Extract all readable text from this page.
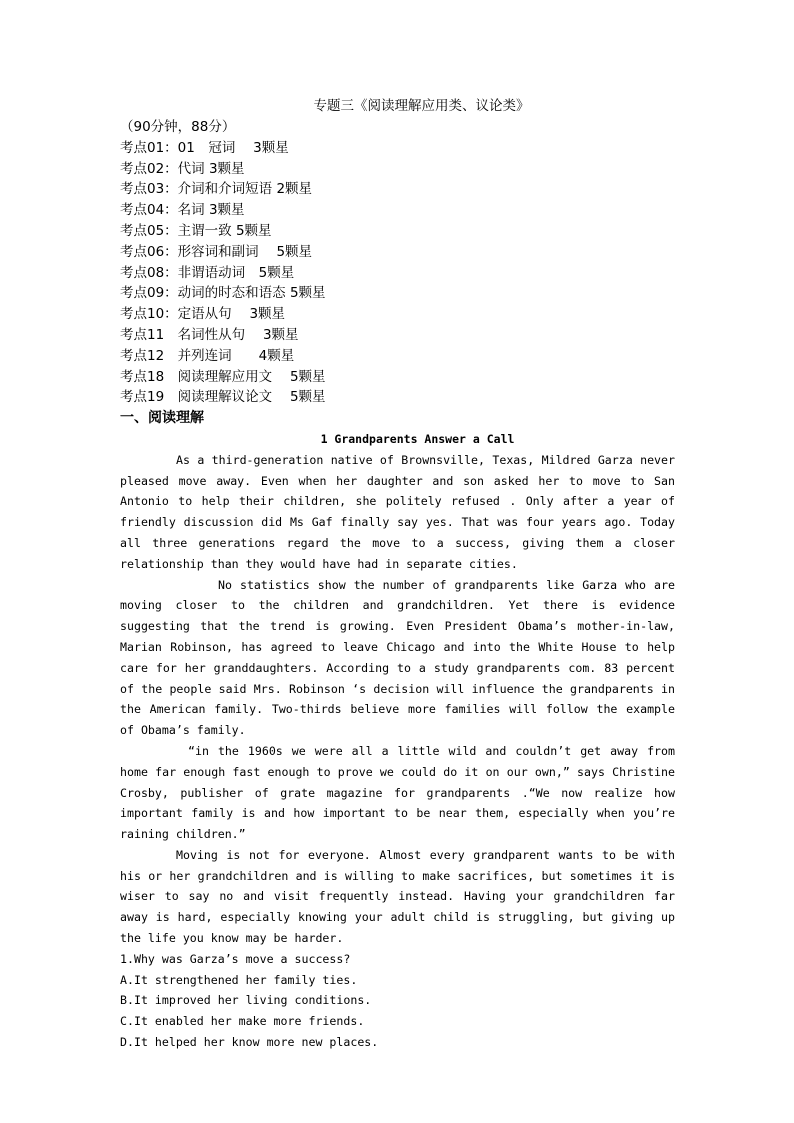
专题三《阅读理解应用类、议论类》
（90分钟，88分）
考点01：01　冠词　 3颗星
考点02：代词 3颗星
考点03：介词和介词短语 2颗星
考点04：名词 3颗星
考点05：主谓一致 5颗星
考点06：形容词和副词　 5颗星
考点08：非谓语动词　5颗星
考点09：动词的时态和语态 5颗星
考点10：定语从句　 3颗星
考点11　名词性从句　 3颗星
考点12　并列连词　　4颗星
考点18　阅读理解应用文　 5颗星
考点19　阅读理解议论文　 5颗星
一、阅读理解
1 Grandparents Answer a Call

As a third-generation native of Brownsville, Texas, Mildred Garza never pleased move away. Even when her daughter and son asked her to move to San Antonio to help their children, she politely refused . Only after a year of friendly discussion did Ms Gaf finally say yes. That was four years ago. Today all three generations regard the move to a success, giving them a closer relationship than they would have had in separate cities.

No statistics show the number of grandparents like Garza who are moving closer to the children and grandchildren. Yet there is evidence suggesting that the trend is growing. Even President Obama’s mother-in-law, Marian Robinson, has agreed to leave Chicago and into the White House to help care for her granddaughters. According to a study grandparents com. 83 percent of the people said Mrs. Robinson ‘s decision will influence the grandparents in the American family. Two-thirds believe more families will follow the example of Obama’s family.

“in the 1960s we were all a little wild and couldn’t get away from home far enough fast enough to prove we could do it on our own,” says Christine Crosby, publisher of grate magazine for grandparents .“We now realize how important family is and how important to be near them, especially when you’re raining children.”

Moving is not for everyone. Almost every grandparent wants to be with his or her grandchildren and is willing to make sacrifices, but sometimes it is wiser to say no and visit frequently instead. Having your grandchildren far away is hard, especially knowing your adult child is struggling, but giving up the life you know may be harder.

1.Why was Garza’s move a success?
A.It strengthened her family ties.
B.It improved her living conditions.
C.It enabled her make more friends.
D.It helped her know more new places.
